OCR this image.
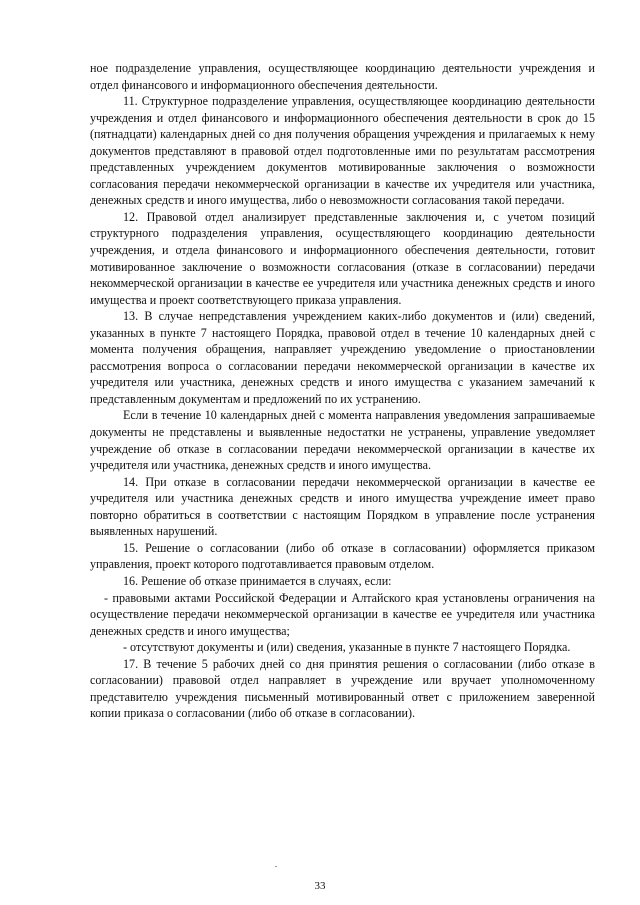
ное подразделение управления, осуществляющее координацию деятельности учреждения и отдел финансового и информационного обеспечения деятельности.

11. Структурное подразделение управления, осуществляющее координацию деятельности учреждения и отдел финансового и информационного обеспечения деятельности в срок до 15 (пятнадцати) календарных дней со дня получения обращения учреждения и прилагаемых к нему документов представляют в правовой отдел подготовленные ими по результатам рассмотрения представленных учреждением документов мотивированные заключения о возможности согласования передачи некоммерческой организации в качестве их учредителя или участника, денежных средств и иного имущества, либо о невозможности согласования такой передачи.

12. Правовой отдел анализирует представленные заключения и, с учетом позиций структурного подразделения управления, осуществляющего координацию деятельности учреждения, и отдела финансового и информационного обеспечения деятельности, готовит мотивированное заключение о возможности согласования (отказе в согласовании) передачи некоммерческой организации в качестве ее учредителя или участника денежных средств и иного имущества и проект соответствующего приказа управления.

13. В случае непредставления учреждением каких-либо документов и (или) сведений, указанных в пункте 7 настоящего Порядка, правовой отдел в течение 10 календарных дней с момента получения обращения, направляет учреждению уведомление о приостановлении рассмотрения вопроса о согласовании передачи некоммерческой организации в качестве их учредителя или участника, денежных средств и иного имущества с указанием замечаний к представленным документам и предложений по их устранению.

Если в течение 10 календарных дней с момента направления уведомления запрашиваемые документы не представлены и выявленные недостатки не устранены, управление уведомляет учреждение об отказе в согласовании передачи некоммерческой организации в качестве их учредителя или участника, денежных средств и иного имущества.

14. При отказе в согласовании передачи некоммерческой организации в качестве ее учредителя или участника денежных средств и иного имущества учреждение имеет право повторно обратиться в соответствии с настоящим Порядком в управление после устранения выявленных нарушений.

15. Решение о согласовании (либо об отказе в согласовании) оформляется приказом управления, проект которого подготавливается правовым отделом.

16. Решение об отказе принимается в случаях, если:

- правовыми актами Российской Федерации и Алтайского края установлены ограничения на осуществление передачи некоммерческой организации в качестве ее учредителя или участника денежных средств и иного имущества;

- отсутствуют документы и (или) сведения, указанные в пункте 7 настоящего Порядка.

17. В течение 5 рабочих дней со дня принятия решения о согласовании (либо отказе в согласовании) правовой отдел направляет в учреждение или вручает уполномоченному представителю учреждения письменный мотивированный ответ с приложением заверенной копии приказа о согласовании (либо об отказе в согласовании).

33
